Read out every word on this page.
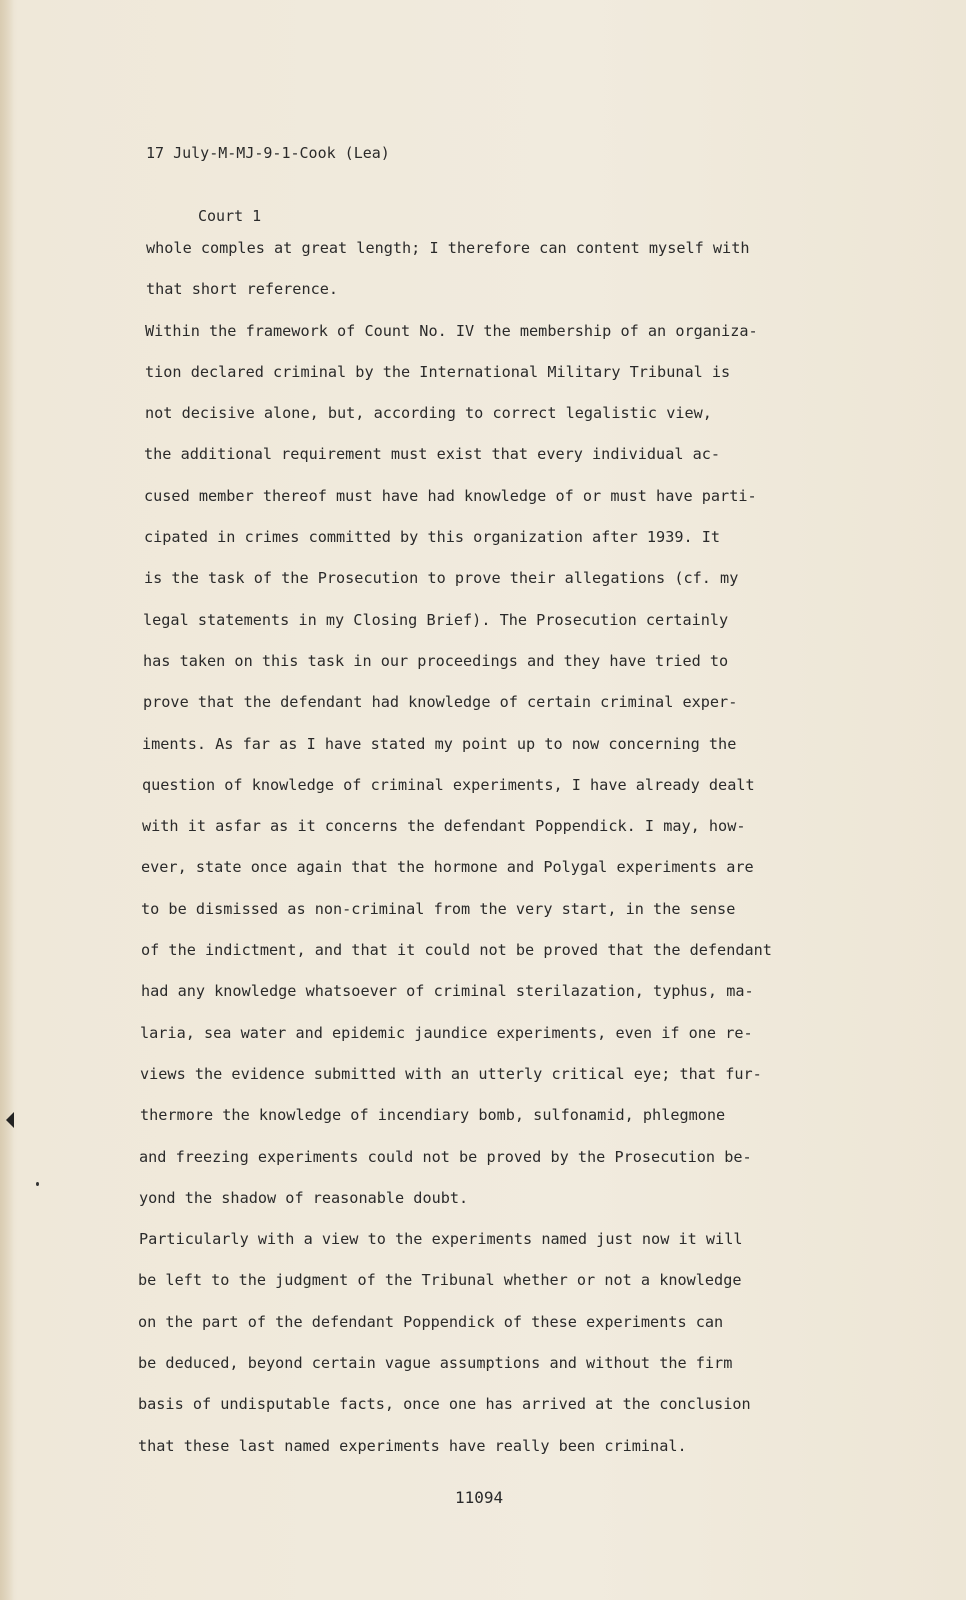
17 July-M-MJ-9-1-Cook (Lea)

Court 1

whole comples at great length; I therefore can content myself with
that short reference.
Within the framework of Count No. IV the membership of an organiza-
tion declared criminal by the International Military Tribunal is
not decisive alone, but, according to correct legalistic view,
the additional requirement must exist that every individual ac-
cused member thereof must have had knowledge of or must have parti-
cipated in crimes committed by this organization after 1939. It
is the task of the Prosecution to prove their allegations (cf. my
legal statements in my Closing Brief). The Prosecution certainly
has taken on this task in our proceedings and they have tried to
prove that the defendant had knowledge of certain criminal exper-
iments. As far as I have stated my point up to now concerning the
question of knowledge of criminal experiments, I have already dealt
with it asfar as it concerns the defendant Poppendick. I may, how-
ever, state once again that the hormone and Polygal experiments are
to be dismissed as non-criminal from the very start, in the sense
of the indictment, and that it could not be proved that the defendant
had any knowledge whatsoever of criminal sterilazation, typhus, ma-
laria, sea water and epidemic jaundice experiments, even if one re-
views the evidence submitted with an utterly critical eye; that fur-
thermore the knowledge of incendiary bomb, sulfonamid, phlegmone
and freezing experiments could not be proved by the Prosecution be-
yond the shadow of reasonable doubt.
Particularly with a view to the experiments named just now it will
be left to the judgment of the Tribunal whether or not a knowledge
on the part of the defendant Poppendick of these experiments can
be deduced, beyond certain vague assumptions and without the firm
basis of undisputable facts, once one has arrived at the conclusion
that these last named experiments have really been criminal.
11094
